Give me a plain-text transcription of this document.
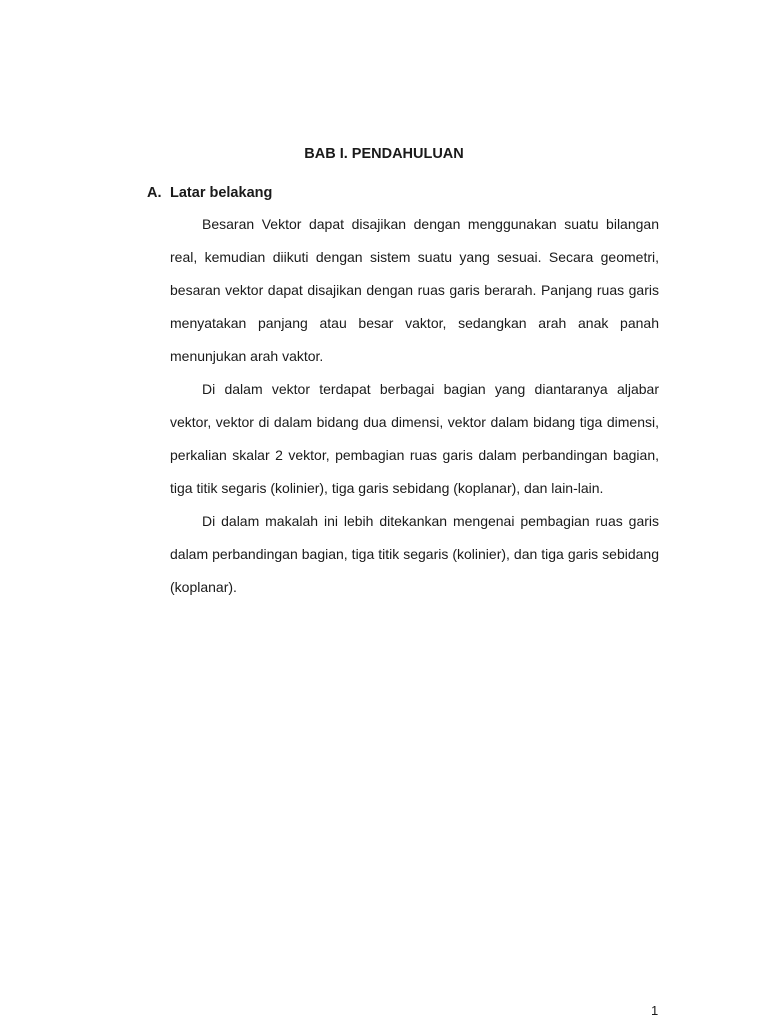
BAB I. PENDAHULUAN
A. Latar belakang

Besaran Vektor dapat disajikan dengan menggunakan suatu bilangan real, kemudian diikuti dengan sistem suatu yang sesuai. Secara geometri, besaran vektor dapat disajikan dengan ruas garis berarah. Panjang ruas garis menyatakan panjang atau besar vaktor, sedangkan arah anak panah menunjukan arah vaktor.

Di dalam vektor terdapat berbagai bagian yang diantaranya aljabar vektor, vektor di dalam bidang dua dimensi, vektor dalam bidang tiga dimensi, perkalian skalar 2 vektor, pembagian ruas garis dalam perbandingan bagian, tiga titik segaris (kolinier), tiga garis sebidang (koplanar), dan lain-lain.

Di dalam makalah ini lebih ditekankan mengenai pembagian ruas garis dalam perbandingan bagian, tiga titik segaris (kolinier), dan tiga garis sebidang (koplanar).

1
